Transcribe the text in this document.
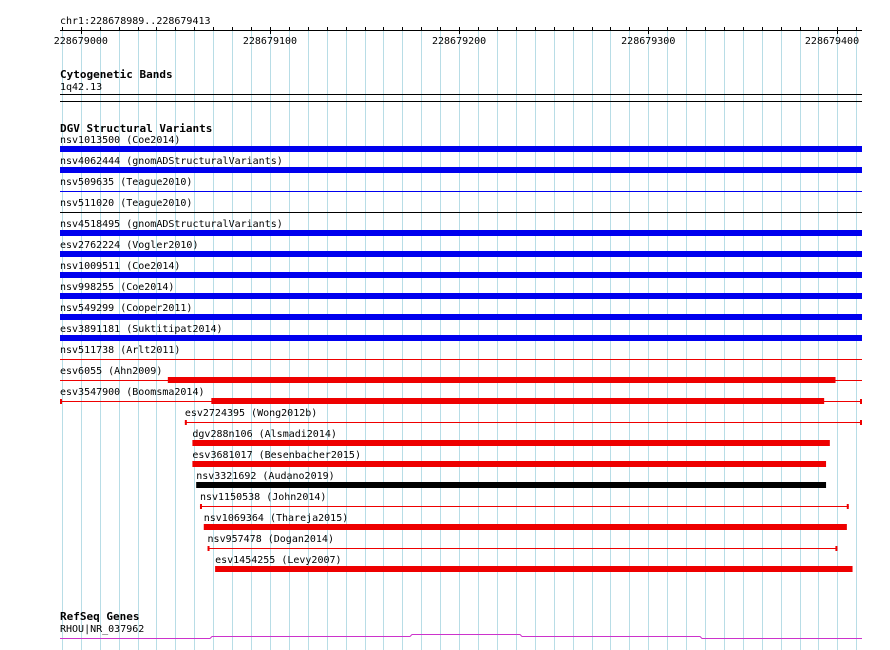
chr1:228678989..228679413
228679000	228679100	228679200	228679300	228679400
Cytogenetic Bands
1q42.13
DGV Structural Variants
nsv1013500 (Coe2014)
nsv4062444 (gnomADStructuralVariants)
nsv509635 (Teague2010)
nsv511020 (Teague2010)
nsv4518495 (gnomADStructuralVariants)
esv2762224 (Vogler2010)
nsv1009511 (Coe2014)
nsv998255 (Coe2014)
nsv549299 (Cooper2011)
esv3891181 (Suktitipat2014)
nsv511738 (Arlt2011)
esv6055 (Ahn2009)
esv3547900 (Boomsma2014)
esv2724395 (Wong2012b)
dgv288n106 (Alsmadi2014)
esv3681017 (Besenbacher2015)
nsv3321692 (Audano2019)
nsv1150538 (John2014)
nsv1069364 (Thareja2015)
nsv957478 (Dogan2014)
esv1454255 (Levy2007)
RefSeq Genes
RHOU|NR_037962
